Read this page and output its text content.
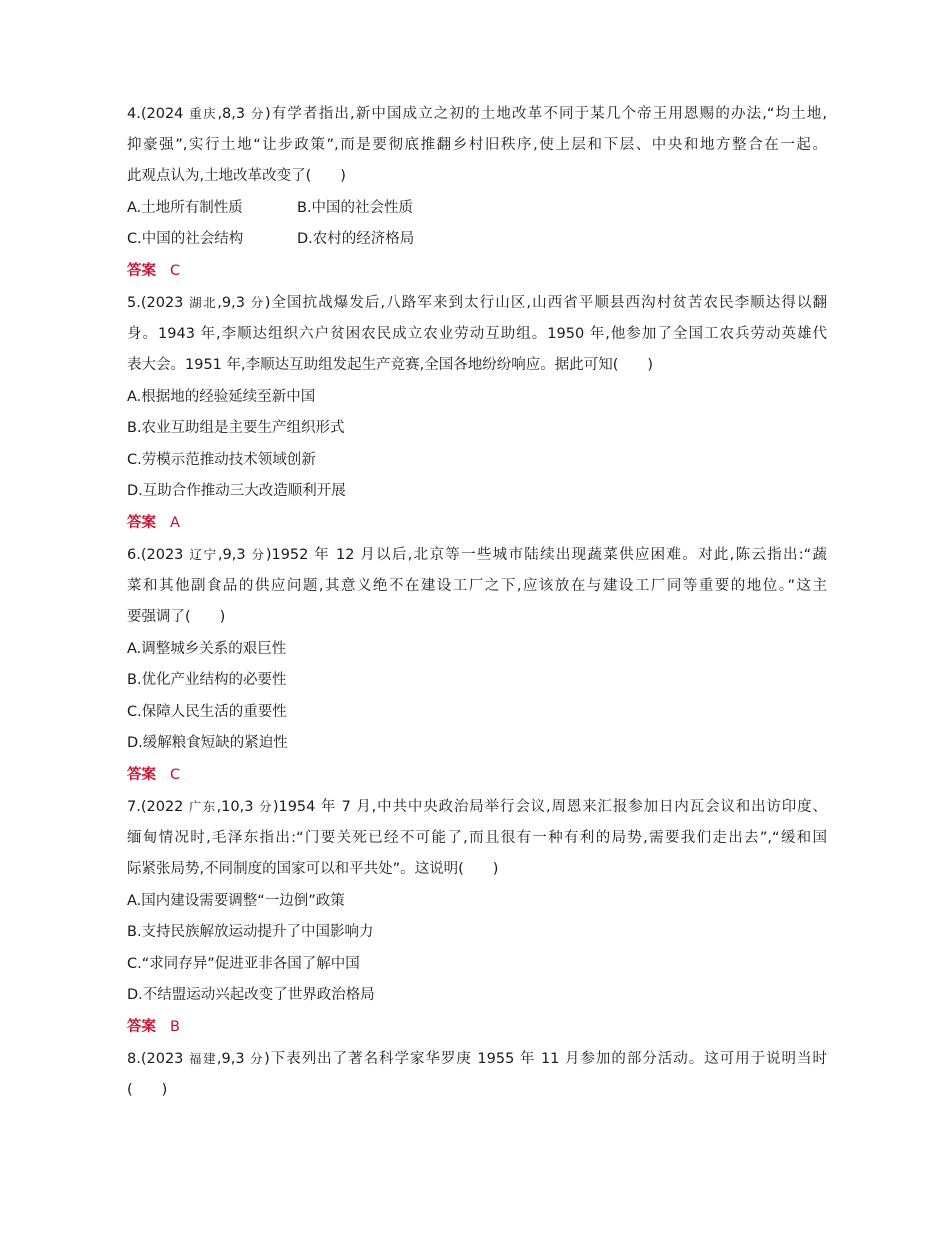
4.(2024 重庆,8,3 分)有学者指出,新中国成立之初的土地改革不同于某几个帝王用恩赐的办法,“均土地,
抑豪强”,实行土地“让步政策”,而是要彻底推翻乡村旧秩序,使上层和下层、中央和地方整合在一起。
此观点认为,土地改革改变了(　　)
A.土地所有制性质	B.中国的社会性质
C.中国的社会结构	D.农村的经济格局
答案 C
5.(2023 湖北,9,3 分)全国抗战爆发后,八路军来到太行山区,山西省平顺县西沟村贫苦农民李顺达得以翻
身。1943 年,李顺达组织六户贫困农民成立农业劳动互助组。1950 年,他参加了全国工农兵劳动英雄代
表大会。1951 年,李顺达互助组发起生产竞赛,全国各地纷纷响应。据此可知(　　)
A.根据地的经验延续至新中国
B.农业互助组是主要生产组织形式
C.劳模示范推动技术领域创新
D.互助合作推动三大改造顺利开展
答案 A
6.(2023 辽宁,9,3 分)1952 年 12 月以后,北京等一些城市陆续出现蔬菜供应困难。对此,陈云指出:“蔬
菜和其他副食品的供应问题,其意义绝不在建设工厂之下,应该放在与建设工厂同等重要的地位。”这主
要强调了(　　)
A.调整城乡关系的艰巨性
B.优化产业结构的必要性
C.保障人民生活的重要性
D.缓解粮食短缺的紧迫性
答案 C
7.(2022 广东,10,3 分)1954 年 7 月,中共中央政治局举行会议,周恩来汇报参加日内瓦会议和出访印度、
缅甸情况时,毛泽东指出:“门要关死已经不可能了,而且很有一种有利的局势,需要我们走出去”,“缓和国
际紧张局势,不同制度的国家可以和平共处”。这说明(　　)
A.国内建设需要调整“一边倒”政策
B.支持民族解放运动提升了中国影响力
C.“求同存异”促进亚非各国了解中国
D.不结盟运动兴起改变了世界政治格局
答案 B
8.(2023 福建,9,3 分)下表列出了著名科学家华罗庚 1955 年 11 月参加的部分活动。这可用于说明当时
(　　)
